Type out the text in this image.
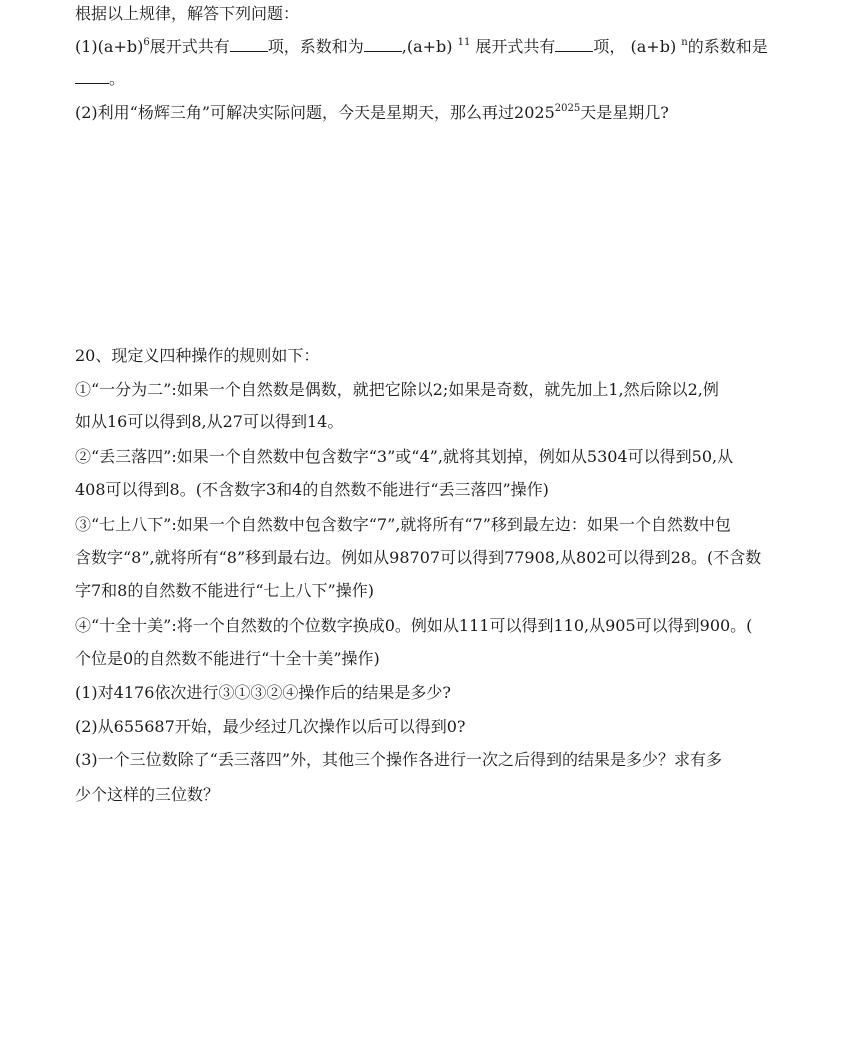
根据以上规律，解答下列问题：
$(1)(a+b)^6$展开式共有 项，系数和为 ,(a+b) $^{11}$ 展开式共有 项， (a+b) $^n$的系数和是
。
(2)利用“杨辉三角”可解决实际问题，今天是星期天，那么再过$2025^{2025}$天是星期几?
20、现定义四种操作的规则如下：
①“一分为二”:如果一个自然数是偶数，就把它除以2;如果是奇数，就先加上1,然后除以2,例
如从16可以得到8,从27可以得到14。
②“丢三落四”:如果一个自然数中包含数字“3”或“4”,就将其划掉，例如从5304可以得到50,从
408可以得到8。(不含数字3和4的自然数不能进行“丢三落四”操作)
③“七上八下”:如果一个自然数中包含数字“7”,就将所有“7”移到最左边：如果一个自然数中包
含数字“8”,就将所有“8”移到最右边。例如从98707可以得到77908,从802可以得到28。(不含数
字7和8的自然数不能进行“七上八下”操作)
④“十全十美”:将一个自然数的个位数字换成0。例如从111可以得到110,从905可以得到900。(
个位是0的自然数不能进行“十全十美”操作)
(1)对4176依次进行③①③②④操作后的结果是多少?
(2)从655687开始，最少经过几次操作以后可以得到0?
(3)一个三位数除了“丢三落四”外，其他三个操作各进行一次之后得到的结果是多少？求有多
少个这样的三位数？
